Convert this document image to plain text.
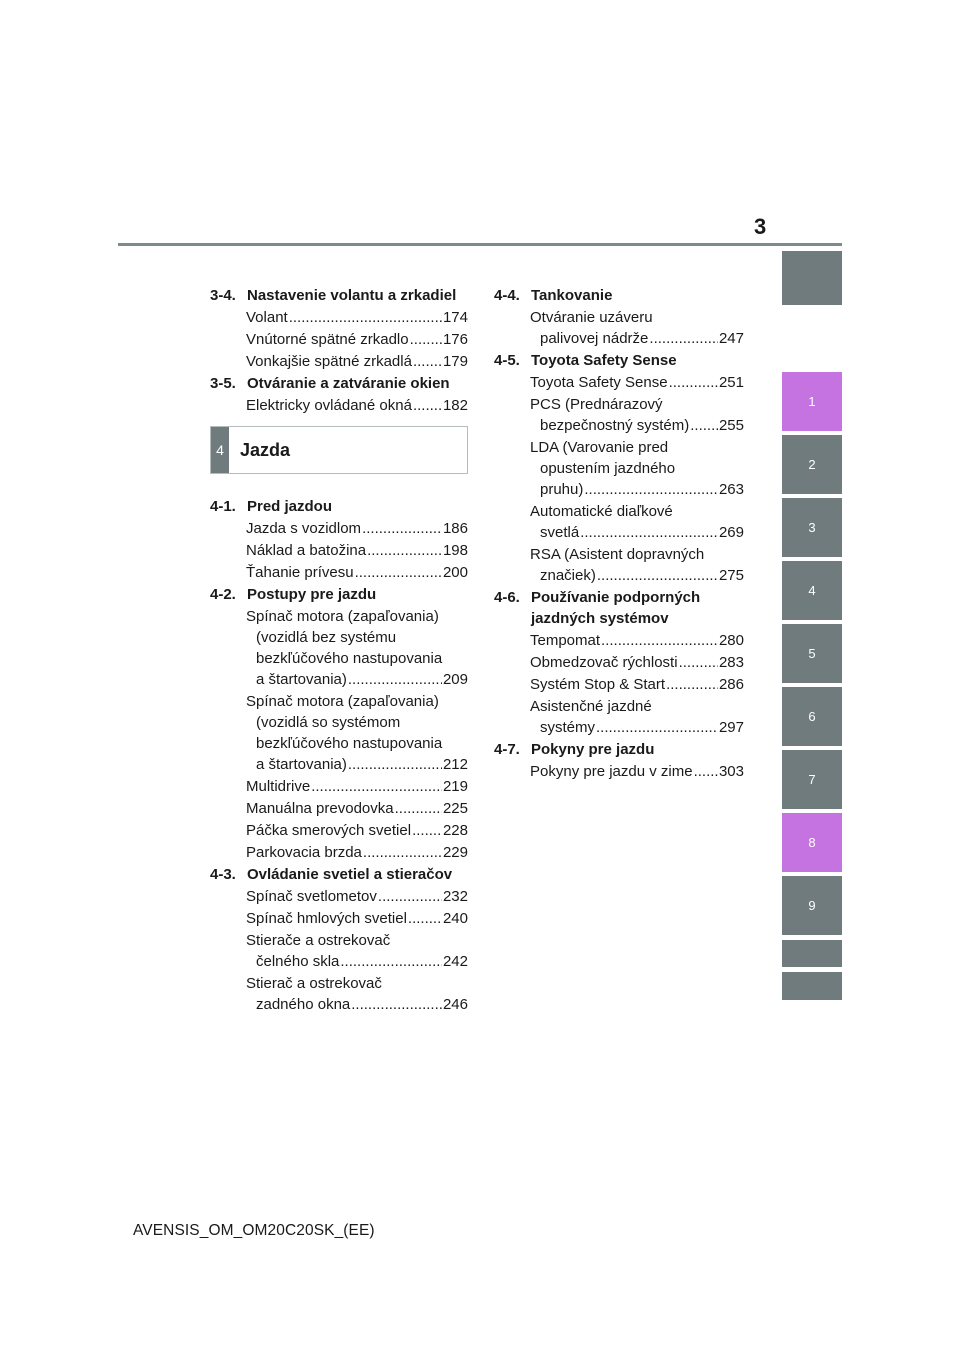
3
3-4. Nastavenie volantu a zrkadiel
Volant .....	174
Vnútorné spätné zrkadlo ..... 176
Vonkajšie spätné zrkadlá ..... 179
3-5. Otváranie a zatváranie okien
Elektricky ovládané okná ..... 182
4 Jazda
4-1. Pred jazdou
Jazda s vozidlom .....	186
Náklad a batožina .....	198
Ťahanie prívesu .....	200
4-2. Postupy pre jazdu
Spínač motora (zapaľovania)
(vozidlá bez systému
bezkľúčového nastupovania
a štartovania) .....	209
Spínač motora (zapaľovania)
(vozidlá so systémom
bezkľúčového nastupovania
a štartovania) .....	212
Multidrive .....	219
Manuálna prevodovka .....	225
Páčka smerových svetiel ..... 228
Parkovacia brzda .....	229
4-3. Ovládanie svetiel a stieračov
Spínač svetlometov .....	232
Spínač hmlových svetiel ..... 240
Stierače a ostrekovač
čelného skla .....	242
Stierač a ostrekovač
zadného okna .....	246
4-4. Tankovanie
Otváranie uzáveru
palivovej nádrže .....	247
4-5. Toyota Safety Sense
Toyota Safety Sense .....	251
PCS (Prednárazový
bezpečnostný systém) ..... 255
LDA (Varovanie pred
opustením jazdného
pruhu) .....	263
Automatické diaľkové
svetlá .....	269
RSA (Asistent dopravných
značiek) .....	275
4-6. Používanie podporných jazdných systémov
Tempomat .....	280
Obmedzovač rýchlosti .....	283
Systém Stop & Start .....	286
Asistenčné jazdné
systémy .....	297
4-7. Pokyny pre jazdu
Pokyny pre jazdu v zime ..... 303
1
2
3
4
5
6
7
8
9
AVENSIS_OM_OM20C20SK_(EE)
